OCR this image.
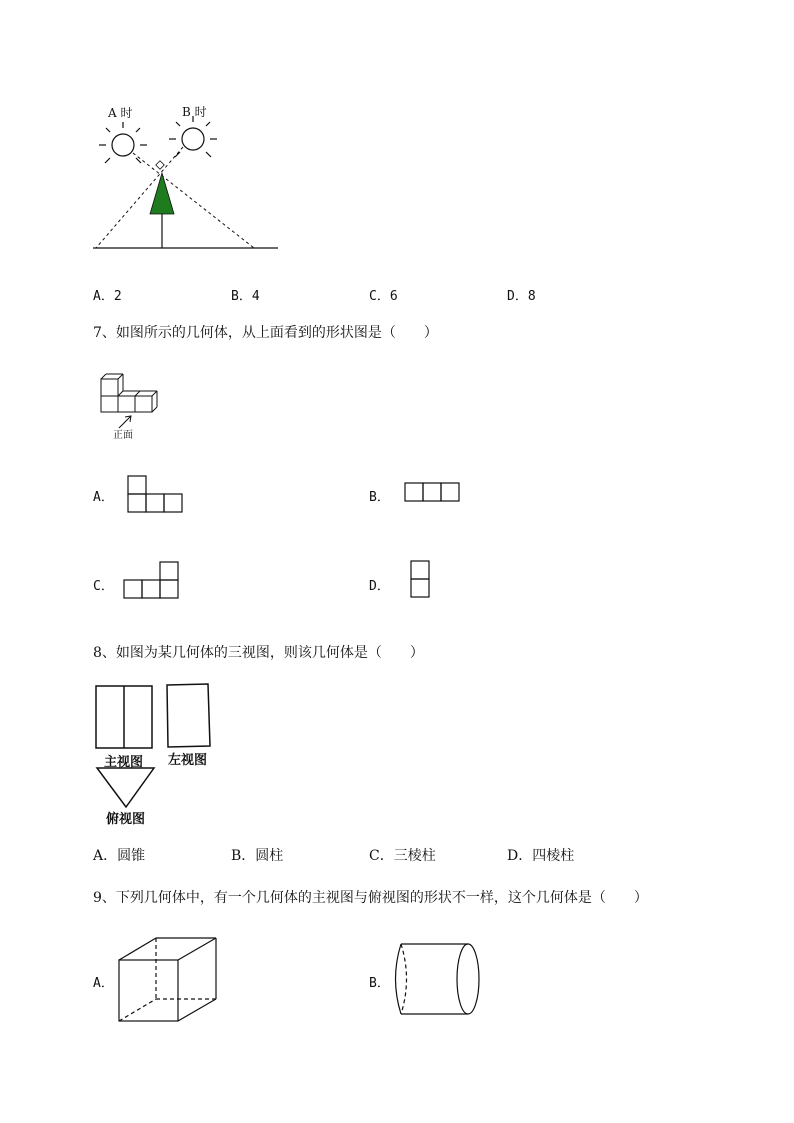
A 时	B 时
A．2	B．4	C．6	D．8
7、如图所示的几何体，从上面看到的形状图是（　　）
正面
A．	B．
C．	D．
8、如图为某几何体的三视图，则该几何体是（　　）
主视图 左视图
俯视图
A．圆锥	B．圆柱	C．三棱柱	D．四棱柱
9、下列几何体中，有一个几何体的主视图与俯视图的形状不一样，这个几何体是（　　）
A．	B．
